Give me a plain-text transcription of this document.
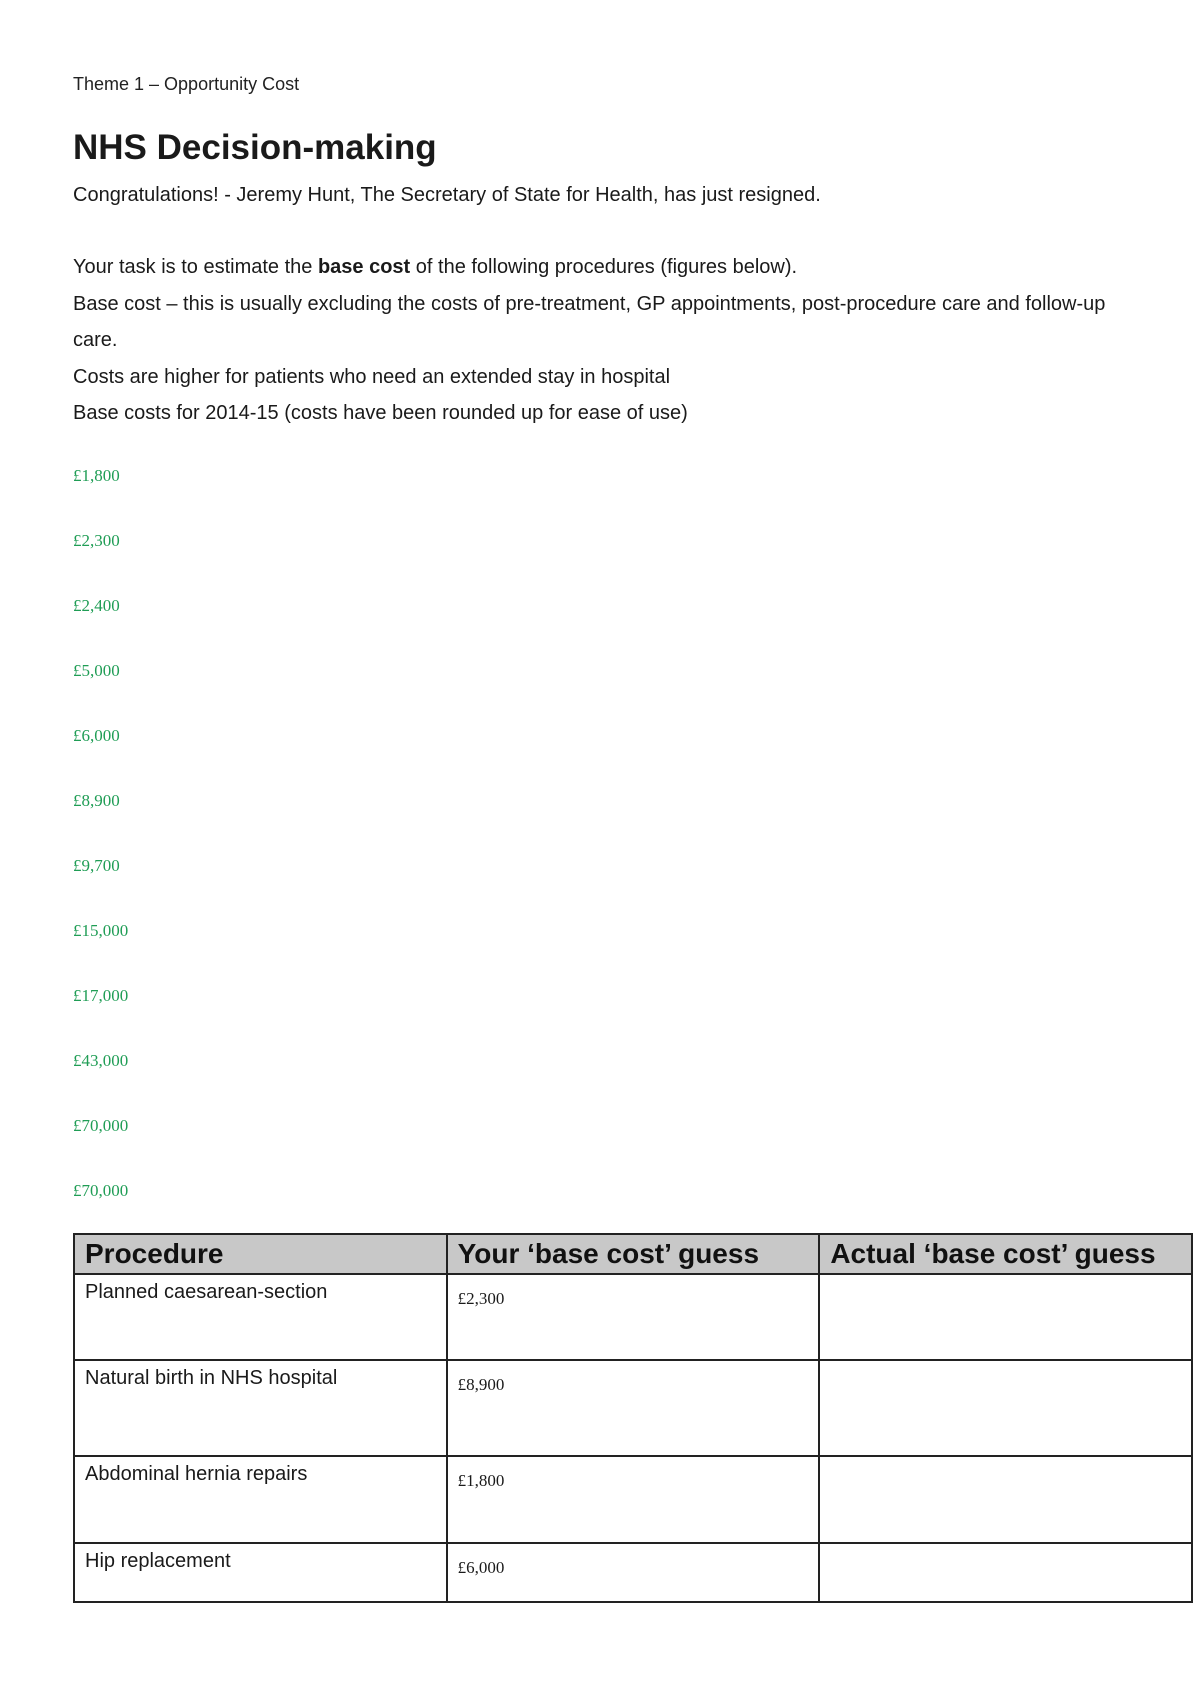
Theme 1 – Opportunity Cost
NHS Decision-making
Congratulations! - Jeremy Hunt, The Secretary of State for Health, has just resigned.

Your task is to estimate the base cost of the following procedures (figures below).

Base cost – this is usually excluding the costs of pre-treatment, GP appointments, post-procedure care and follow-up care.

Costs are higher for patients who need an extended stay in hospital

Base costs for 2014-15 (costs have been rounded up for ease of use)

£1,800
£2,300
£2,400
£5,000
£6,000
£8,900
£9,700
£15,000
£17,000
£43,000
£70,000
£70,000
Procedure	Your ‘base cost’ guess	Actual ‘base cost’ guess
Planned caesarean-section	£2,300	
Natural birth in NHS hospital	£8,900	
Abdominal hernia repairs	£1,800	
Hip replacement	£6,000	
